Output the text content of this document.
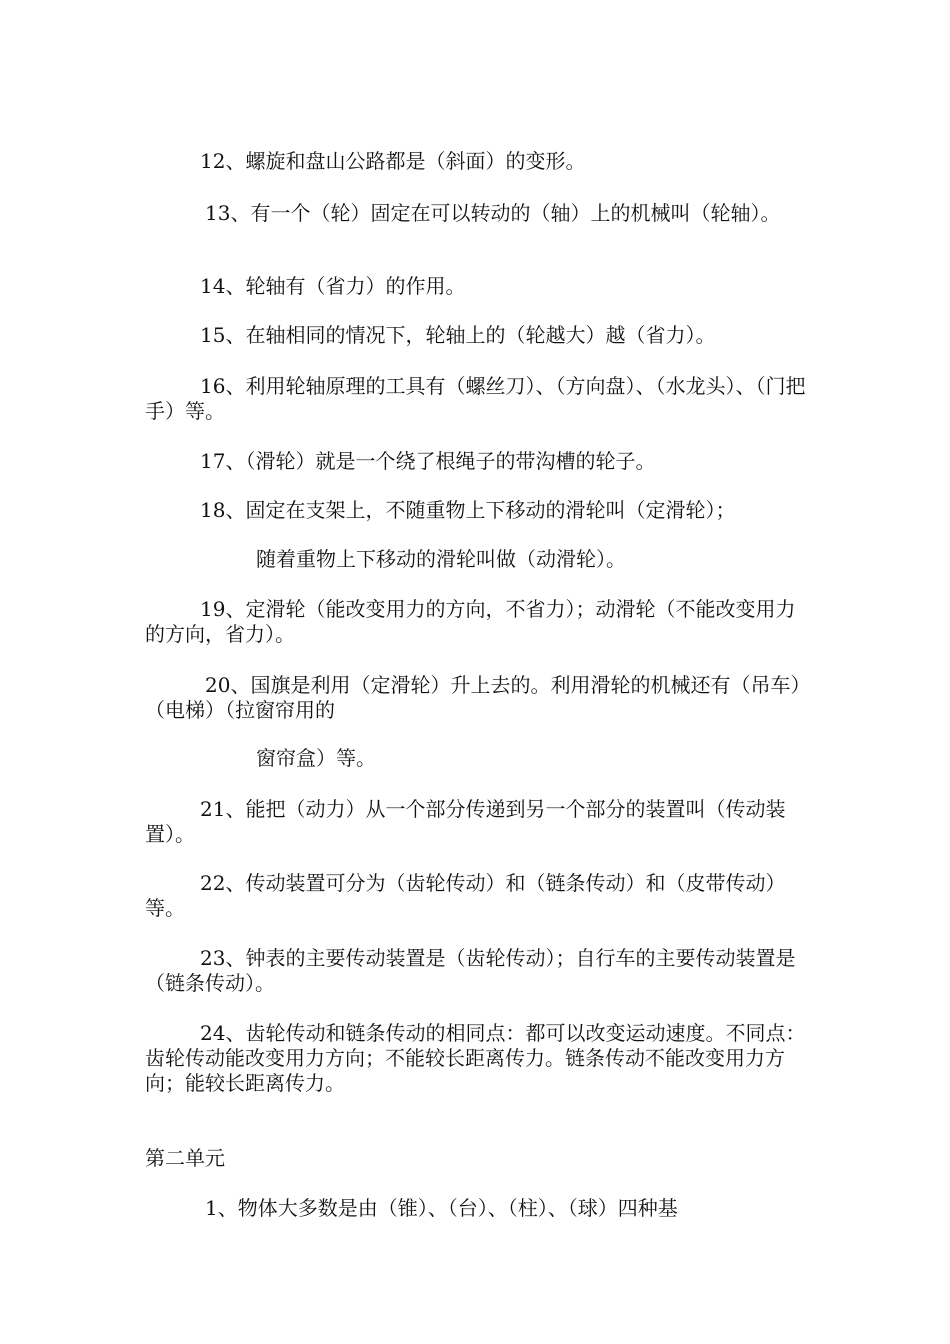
12、螺旋和盘山公路都是（斜面）的变形。

13、有一个（轮）固定在可以转动的（轴）上的机械叫（轮轴）。

14、轮轴有（省力）的作用。

15、在轴相同的情况下，轮轴上的（轮越大）越（省力）。

16、利用轮轴原理的工具有（螺丝刀）、（方向盘）、（水龙头）、（门把手）等。

17、（滑轮）就是一个绕了根绳子的带沟槽的轮子。

18、固定在支架上，不随重物上下移动的滑轮叫（定滑轮）；

随着重物上下移动的滑轮叫做（动滑轮）。

19、定滑轮（能改变用力的方向，不省力）；动滑轮（不能改变用力的方向，省力）。

20、国旗是利用（定滑轮）升上去的。利用滑轮的机械还有（吊车）（电梯）（拉窗帘用的

窗帘盒）等。

21、能把（动力）从一个部分传递到另一个部分的装置叫（传动装置）。

22、传动装置可分为（齿轮传动）和（链条传动）和（皮带传动）等。

23、钟表的主要传动装置是（齿轮传动）；自行车的主要传动装置是（链条传动）。

24、齿轮传动和链条传动的相同点：都可以改变运动速度。不同点：齿轮传动能改变用力方向；不能较长距离传力。链条传动不能改变用力方向；能较长距离传力。

第二单元

1、物体大多数是由（锥）、（台）、（柱）、（球）四种基
